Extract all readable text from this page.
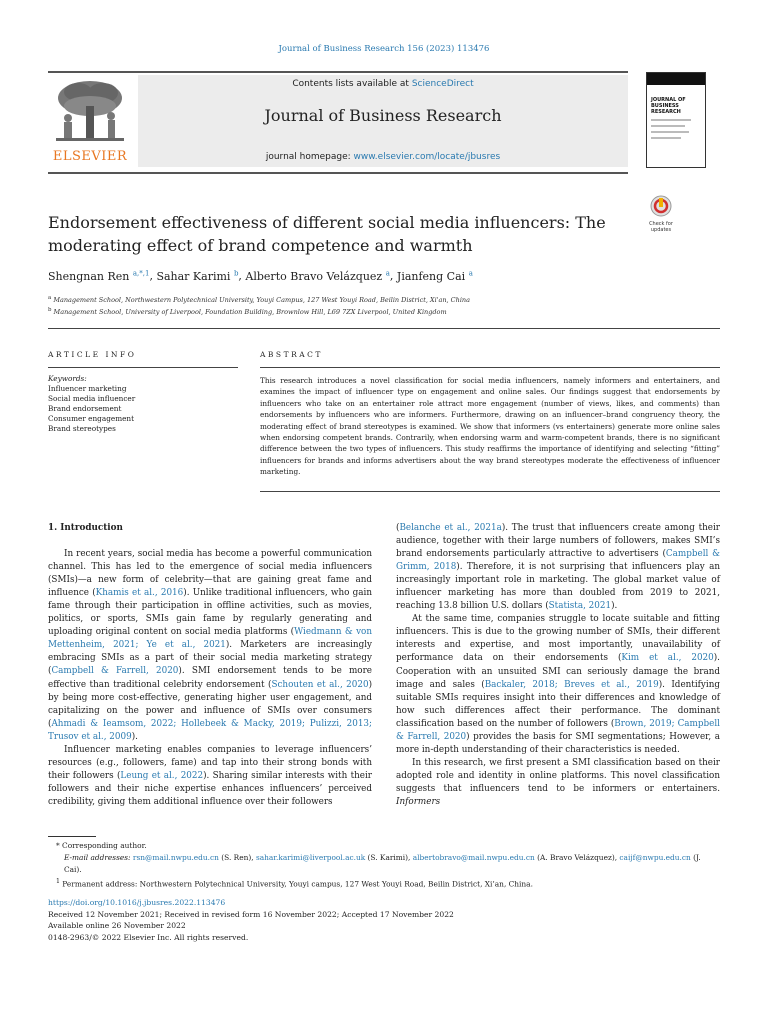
Journal of Business Research 156 (2023) 113476
ELSEVIER
Contents lists available at ScienceDirect
Journal of Business Research
journal homepage: www.elsevier.com/locate/jbusres
JOURNAL OF BUSINESS RESEARCH
Endorsement effectiveness of different social media influencers: The moderating effect of brand competence and warmth
Check for updates
Shengnan Ren $^{a,*,1}$, Sahar Karimi $^b$, Alberto Bravo Velázquez $^a$, Jianfeng Cai $^a$
$^a$ Management School, Northwestern Polytechnical University, Youyi Campus, 127 West Youyi Road, Beilin District, Xi'an, China
$^b$ Management School, University of Liverpool, Foundation Building, Brownlow Hill, L69 7ZX Liverpool, United Kingdom
ARTICLE INFO	ABSTRACT
Keywords:
Influencer marketing
Social media influencer
Brand endorsement
Consumer engagement
Brand stereotypes
This research introduces a novel classification for social media influencers, namely informers and entertainers, and examines the impact of influencer type on engagement and online sales. Our findings suggest that endorsements by influencers who take on an entertainer role attract more engagement (number of views, likes, and comments) than endorsements by influencers who are informers. Furthermore, drawing on an influencer–brand congruency theory, the moderating effect of brand stereotypes is examined. We show that informers (vs entertainers) generate more online sales when endorsing competent brands. Contrarily, when endorsing warm and warm-competent brands, there is no significant difference between the two types of influencers. This study reaffirms the importance of identifying and selecting “fitting” influencers for brands and informs advertisers about the way brand stereotypes moderate the effectiveness of influencer marketing.

1. Introduction

In recent years, social media has become a powerful communication channel. This has led to the emergence of social media influencers (SMIs)—a new form of celebrity—that are gaining great fame and influence (Khamis et al., 2016). Unlike traditional influencers, who gain fame through their participation in offline activities, such as movies, politics, or sports, SMIs gain fame by regularly generating and uploading original content on social media platforms (Wiedmann & von Mettenheim, 2021; Ye et al., 2021). Marketers are increasingly embracing SMIs as a part of their social media marketing strategy (Campbell & Farrell, 2020). SMI endorsement tends to be more effective than traditional celebrity endorsement (Schouten et al., 2020) by being more cost-effective, generating higher user engagement, and capitalizing on the power and influence of SMIs over consumers (Ahmadi & Ieamsom, 2022; Hollebeek & Macky, 2019; Pulizzi, 2013; Trusov et al., 2009).

Influencer marketing enables companies to leverage influencers’ resources (e.g., followers, fame) and tap into their strong bonds with their followers (Leung et al., 2022). Sharing similar interests with their followers and their niche expertise enhances influencers’ perceived credibility, giving them additional influence over their followers

(Belanche et al., 2021a). The trust that influencers create among their audience, together with their large numbers of followers, makes SMI’s brand endorsements particularly attractive to advertisers (Campbell & Grimm, 2018). Therefore, it is not surprising that influencers play an increasingly important role in marketing. The global market value of influencer marketing has more than doubled from 2019 to 2021, reaching 13.8 billion U.S. dollars (Statista, 2021).

At the same time, companies struggle to locate suitable and fitting influencers. This is due to the growing number of SMIs, their different interests and expertise, and most importantly, unavailability of performance data on their endorsements (Kim et al., 2020). Cooperation with an unsuited SMI can seriously damage the brand image and sales (Backaler, 2018; Breves et al., 2019). Identifying suitable SMIs requires insight into their differences and knowledge of how such differences affect their performance. The dominant classification based on the number of followers (Brown, 2019; Campbell & Farrell, 2020) provides the basis for SMI segmentations; However, a more in-depth understanding of their characteristics is needed.

In this research, we first present a SMI classification based on their adopted role and identity in online platforms. This novel classification suggests that influencers tend to be informers or entertainers. Informers

* Corresponding author.

E-mail addresses: rsn@mail.nwpu.edu.cn (S. Ren), sahar.karimi@liverpool.ac.uk (S. Karimi), albertobravo@mail.nwpu.edu.cn (A. Bravo Velázquez), caijf@nwpu.edu.cn (J. Cai).

$^1$ Permanent address: Northwestern Polytechnical University, Youyi campus, 127 West Youyi Road, Beilin District, Xi’an, China.

https://doi.org/10.1016/j.jbusres.2022.113476

Received 12 November 2021; Received in revised form 16 November 2022; Accepted 17 November 2022

Available online 26 November 2022

0148-2963/© 2022 Elsevier Inc. All rights reserved.
